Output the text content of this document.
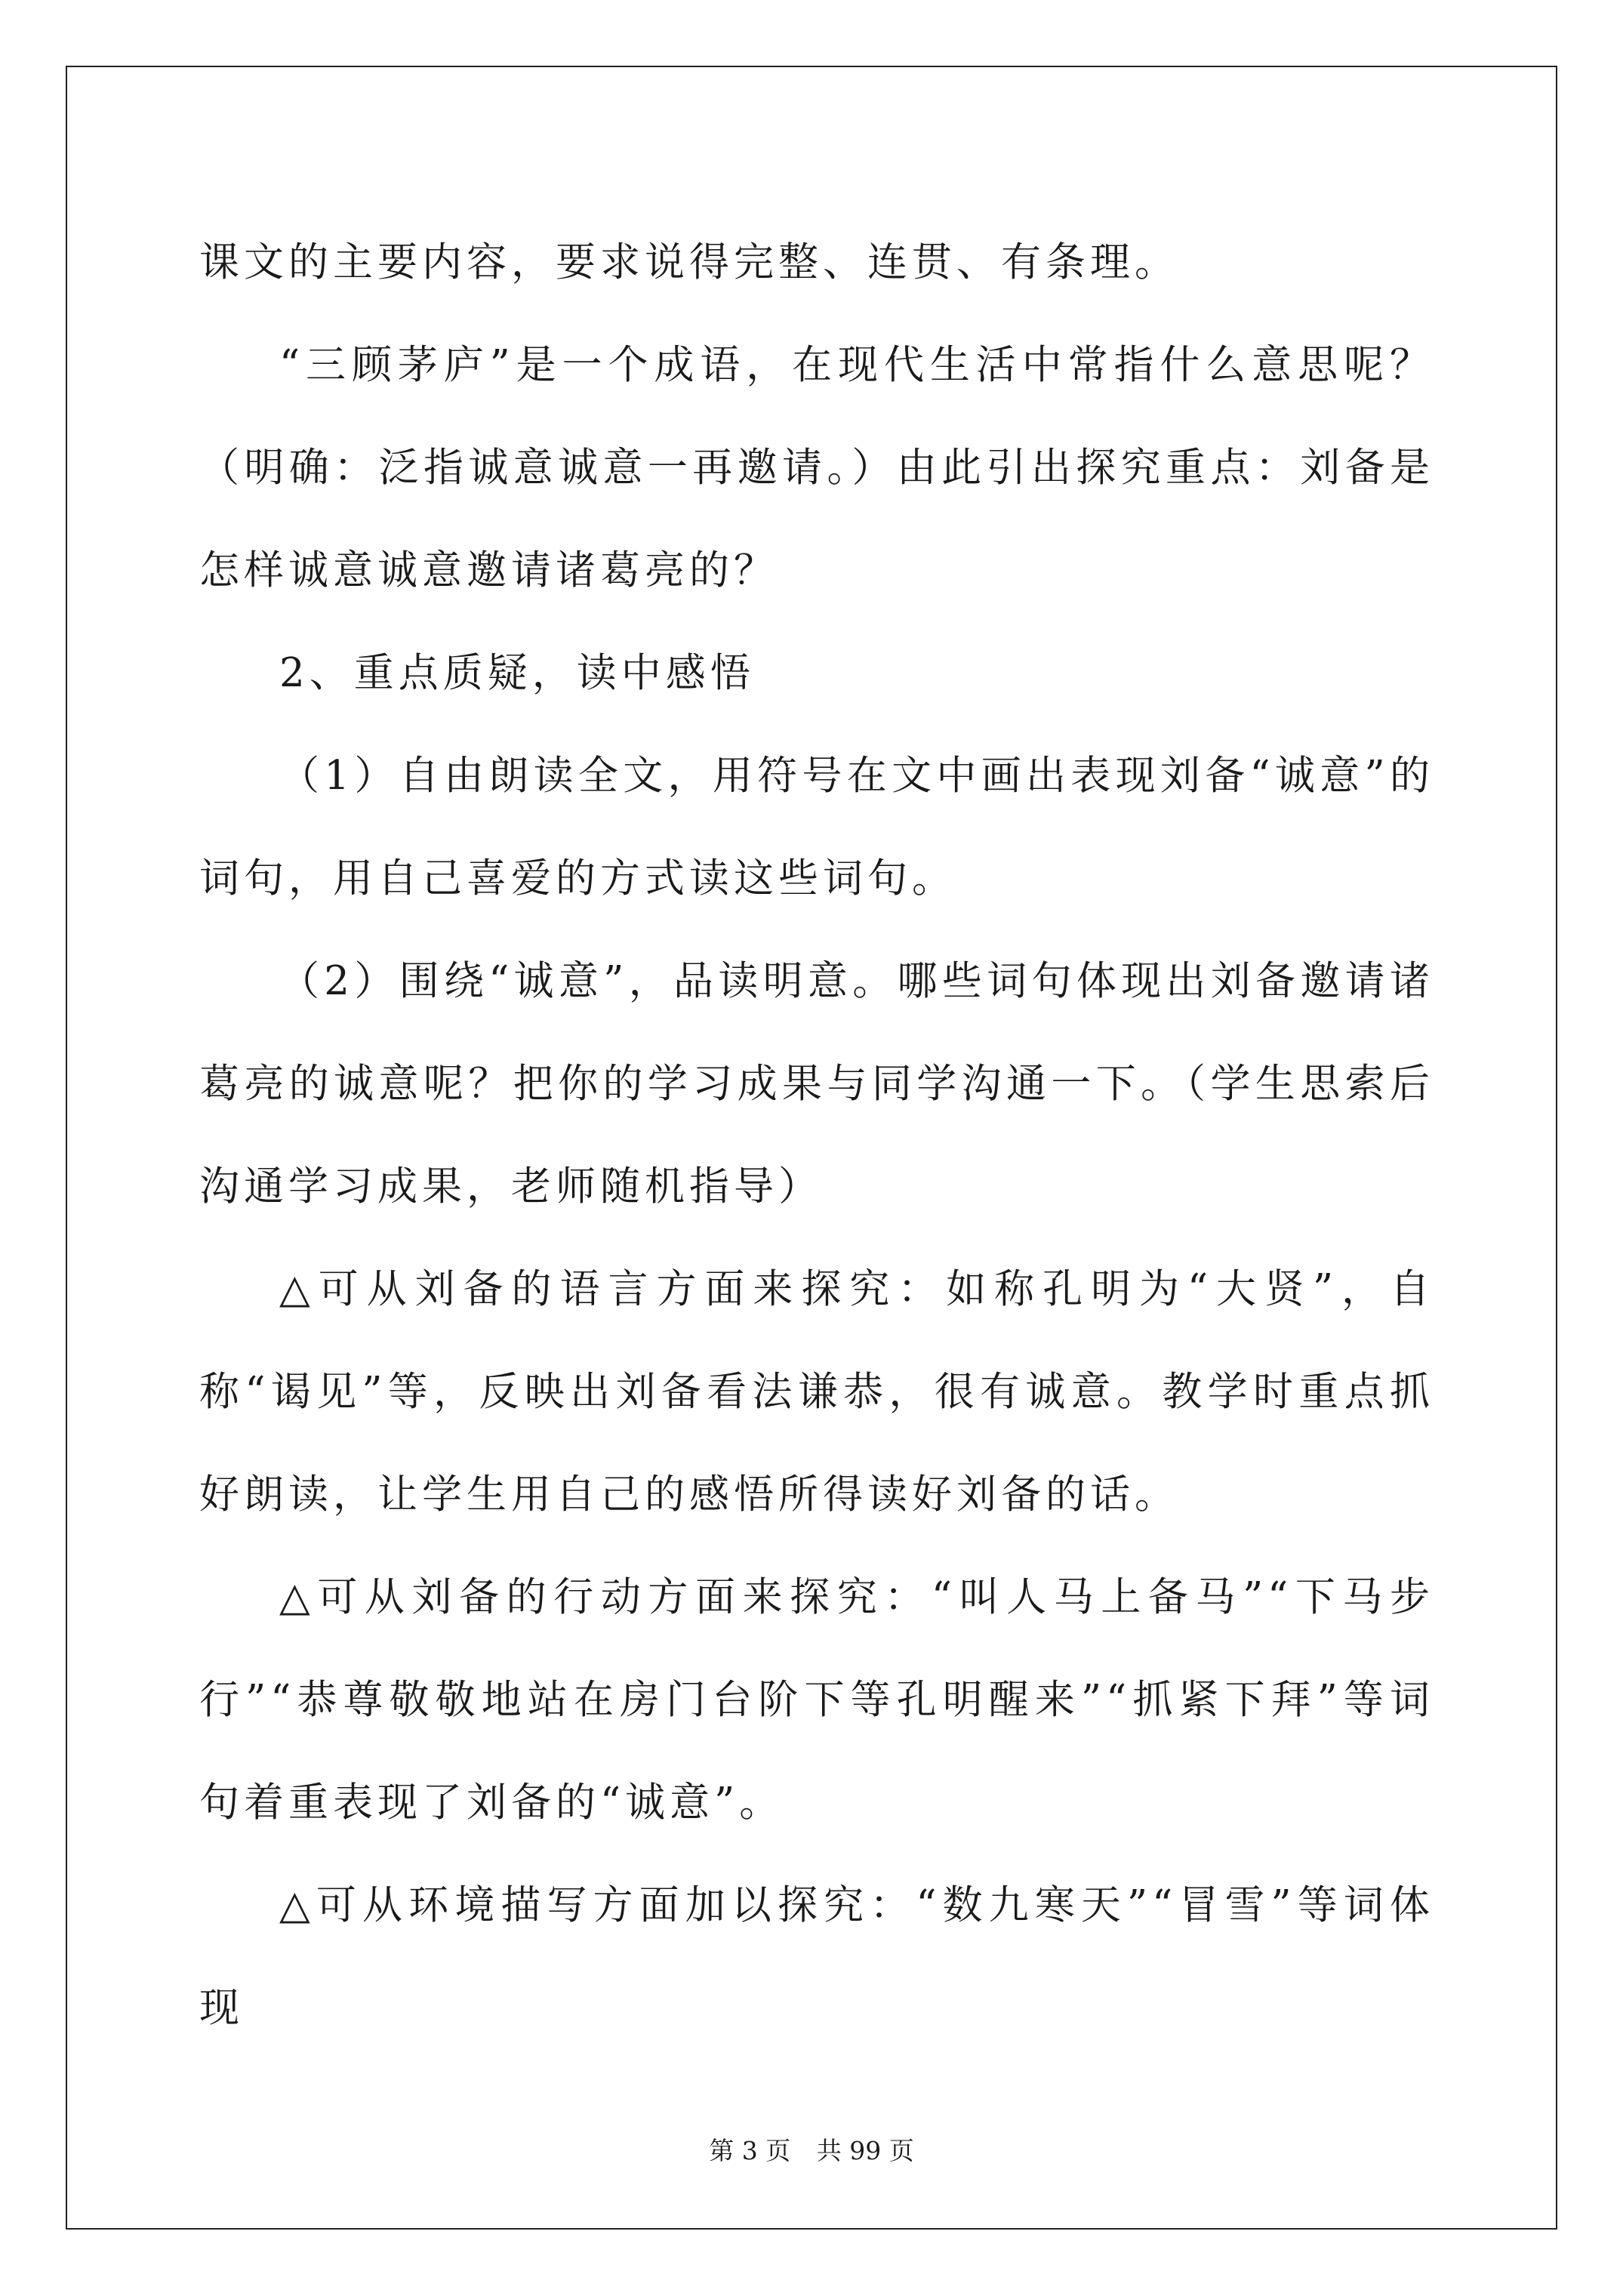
课文的主要内容，要求说得完整、连贯、有条理。

“三顾茅庐”是一个成语，在现代生活中常指什么意思呢？（明确：泛指诚意诚意一再邀请。）由此引出探究重点：刘备是怎样诚意诚意邀请诸葛亮的？

2、重点质疑，读中感悟

（1）自由朗读全文，用符号在文中画出表现刘备“诚意”的词句，用自己喜爱的方式读这些词句。

（2）围绕“诚意”，品读明意。哪些词句体现出刘备邀请诸葛亮的诚意呢？把你的学习成果与同学沟通一下。（学生思索后沟通学习成果，老师随机指导）

△可从刘备的语言方面来探究：如称孔明为“大贤”，自称“谒见”等，反映出刘备看法谦恭，很有诚意。教学时重点抓好朗读，让学生用自己的感悟所得读好刘备的话。

△可从刘备的行动方面来探究：“叫人马上备马”“下马步行”“恭尊敬敬地站在房门台阶下等孔明醒来”“抓紧下拜”等词句着重表现了刘备的“诚意”。

△可从环境描写方面加以探究：“数九寒天”“冒雪”等词体现

第 3 页 共 99 页
